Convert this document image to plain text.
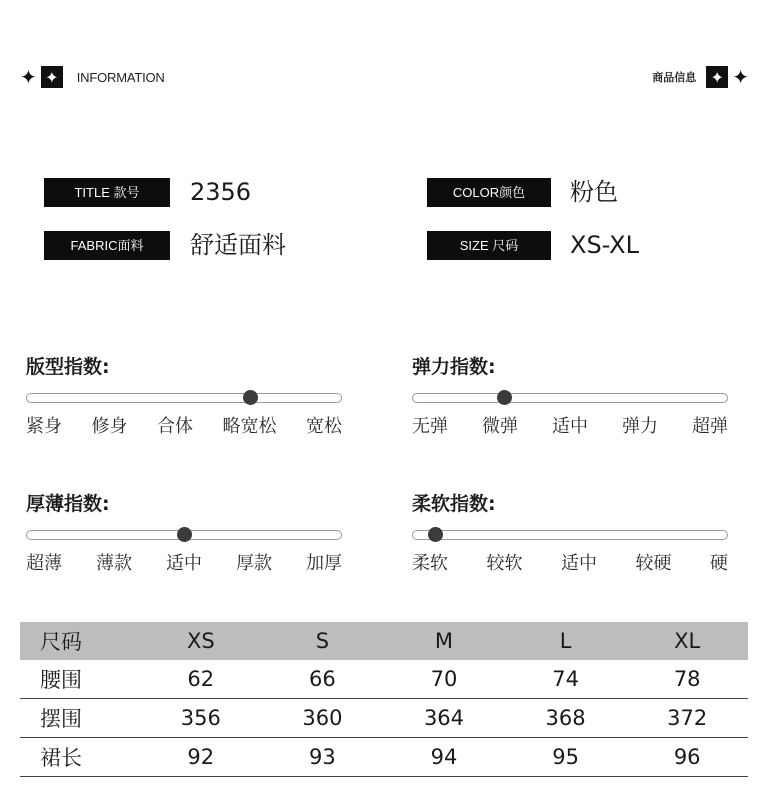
✦ ✦	INFORMATION	商品信息 ✦ ✦
TITLE 款号	2356	COLOR颜色	粉色
FABRIC面料	舒适面料	SIZE 尺码	XS-XL
版型指数:
紧身 修身 合体 略宽松 宽松
弹力指数:
无弹 微弹 适中 弹力 超弹
厚薄指数:
超薄 薄款 适中 厚款 加厚
柔软指数:
柔软 较软 适中 较硬 硬
尺码	XS	S	M	L	XL
腰围	62	66	70	74	78
摆围	356	360	364	368	372
裙长	92	93	94	95	96
